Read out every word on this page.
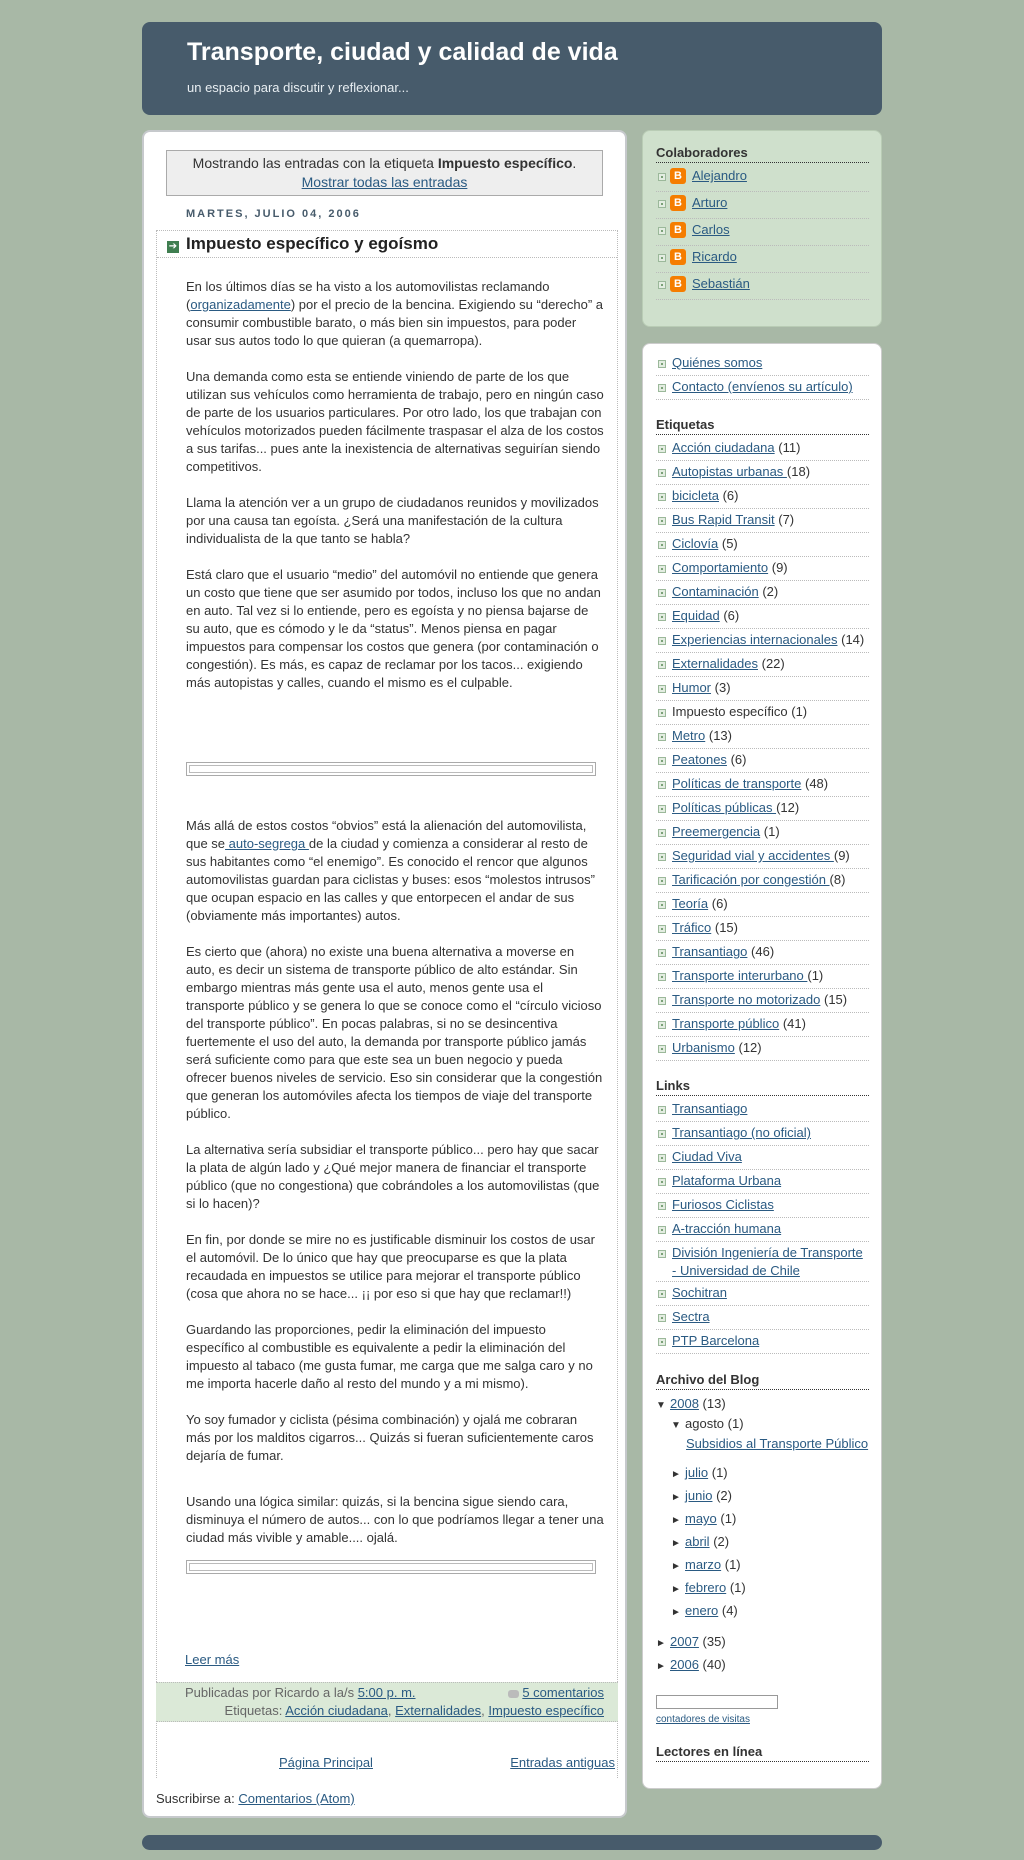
Transporte, ciudad y calidad de vida
un espacio para discutir y reflexionar...
Mostrando las entradas con la etiqueta Impuesto específico.
Mostrar todas las entradas
MARTES, JULIO 04, 2006
➔ Impuesto específico y egoísmo

En los últimos días se ha visto a los automovilistas reclamando (organizadamente) por el precio de la bencina. Exigiendo su “derecho” a consumir combustible barato, o más bien sin impuestos, para poder usar sus autos todo lo que quieran (a quemarropa).

Una demanda como esta se entiende viniendo de parte de los que utilizan sus vehículos como herramienta de trabajo, pero en ningún caso de parte de los usuarios particulares. Por otro lado, los que trabajan con vehículos motorizados pueden fácilmente traspasar el alza de los costos a sus tarifas... pues ante la inexistencia de alternativas seguirían siendo competitivos.

Llama la atención ver a un grupo de ciudadanos reunidos y movilizados por una causa tan egoísta. ¿Será una manifestación de la cultura individualista de la que tanto se habla?

Está claro que el usuario “medio” del automóvil no entiende que genera un costo que tiene que ser asumido por todos, incluso los que no andan en auto. Tal vez si lo entiende, pero es egoísta y no piensa bajarse de su auto, que es cómodo y le da “status”. Menos piensa en pagar impuestos para compensar los costos que genera (por contaminación o congestión). Es más, es capaz de reclamar por los tacos... exigiendo más autopistas y calles, cuando el mismo es el culpable.

Más allá de estos costos “obvios” está la alienación del automovilista, que se auto-segrega de la ciudad y comienza a considerar al resto de sus habitantes como “el enemigo”. Es conocido el rencor que algunos automovilistas guardan para ciclistas y buses: esos “molestos intrusos” que ocupan espacio en las calles y que entorpecen el andar de sus (obviamente más importantes) autos.

Es cierto que (ahora) no existe una buena alternativa a moverse en auto, es decir un sistema de transporte público de alto estándar. Sin embargo mientras más gente usa el auto, menos gente usa el transporte público y se genera lo que se conoce como el “círculo vicioso del transporte público”. En pocas palabras, si no se desincentiva fuertemente el uso del auto, la demanda por transporte público jamás será suficiente como para que este sea un buen negocio y pueda ofrecer buenos niveles de servicio. Eso sin considerar que la congestión que generan los automóviles afecta los tiempos de viaje del transporte público.

La alternativa sería subsidiar el transporte público... pero hay que sacar la plata de algún lado y ¿Qué mejor manera de financiar el transporte público (que no congestiona) que cobrándoles a los automovilistas (que si lo hacen)?

En fin, por donde se mire no es justificable disminuir los costos de usar el automóvil. De lo único que hay que preocuparse es que la plata recaudada en impuestos se utilice para mejorar el transporte público (cosa que ahora no se hace... ¡¡ por eso si que hay que reclamar!!)

Guardando las proporciones, pedir la eliminación del impuesto específico al combustible es equivalente a pedir la eliminación del impuesto al tabaco (me gusta fumar, me carga que me salga caro y no me importa hacerle daño al resto del mundo y a mi mismo).

Yo soy fumador y ciclista (pésima combinación) y ojalá me cobraran más por los malditos cigarros... Quizás si fueran suficientemente caros dejaría de fumar.

Usando una lógica similar: quizás, si la bencina sigue siendo cara, disminuya el número de autos... con lo que podríamos llegar a tener una ciudad más vivible y amable.... ojalá.

Leer más
Publicadas por Ricardo a la/s 5:00 p. m.	5 comentarios
Etiquetas: Acción ciudadana, Externalidades, Impuesto específico
Página Principal	Entradas antiguas
Suscribirse a: Comentarios (Atom)
Colaboradores
B Alejandro
B Arturo
B Carlos
B Ricardo
B Sebastián
Quiénes somos
Contacto (envíenos su artículo)
Etiquetas
Acción ciudadana (11)
Autopistas urbanas (18)
bicicleta (6)
Bus Rapid Transit (7)
Ciclovía (5)
Comportamiento (9)
Contaminación (2)
Equidad (6)
Experiencias internacionales (14)
Externalidades (22)
Humor (3)
Impuesto específico (1)
Metro (13)
Peatones (6)
Políticas de transporte (48)
Políticas públicas (12)
Preemergencia (1)
Seguridad vial y accidentes (9)
Tarificación por congestión (8)
Teoría (6)
Tráfico (15)
Transantiago (46)
Transporte interurbano (1)
Transporte no motorizado (15)
Transporte público (41)
Urbanismo (12)
Links
Transantiago
Transantiago (no oficial)
Ciudad Viva
Plataforma Urbana
Furiosos Ciclistas
A-tracción humana
División Ingeniería de Transporte - Universidad de Chile
Sochitran
Sectra
PTP Barcelona
Archivo del Blog
▼ 2008 (13)
▼ agosto (1)
Subsidios al Transporte Público
► julio (1)
► junio (2)
► mayo (1)
► abril (2)
► marzo (1)
► febrero (1)
► enero (4)
► 2007 (35)
► 2006 (40)
contadores de visitas
Lectores en línea
